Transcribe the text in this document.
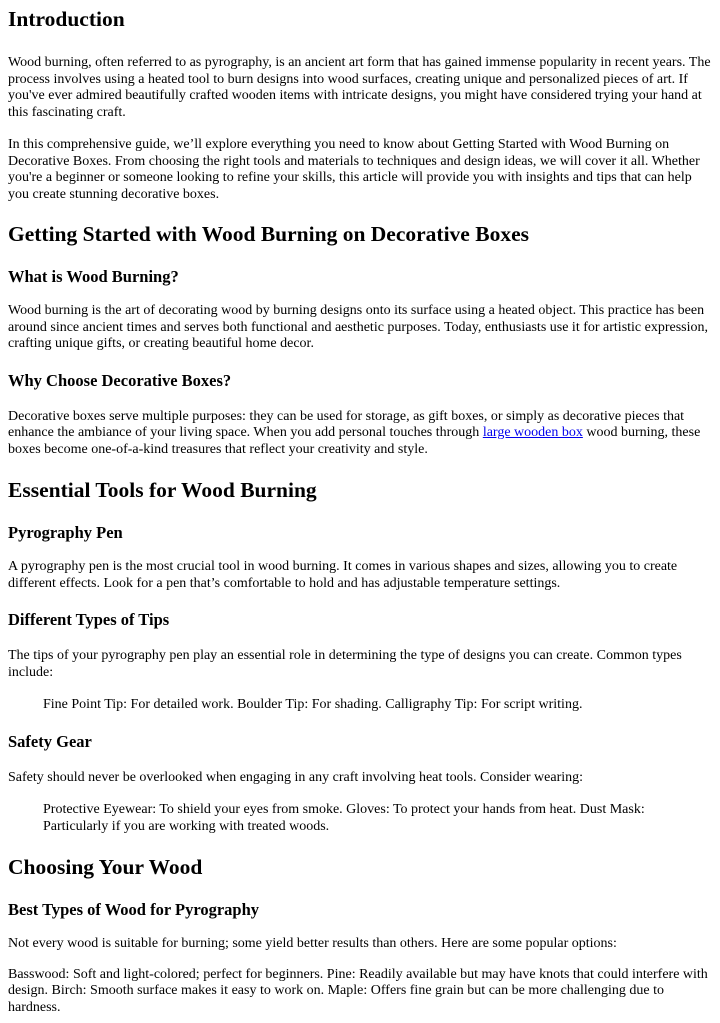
Introduction

Wood burning, often referred to as pyrography, is an ancient art form that has gained immense popularity in recent years. The process involves using a heated tool to burn designs into wood surfaces, creating unique and personalized pieces of art. If you've ever admired beautifully crafted wooden items with intricate designs, you might have considered trying your hand at this fascinating craft.

In this comprehensive guide, we’ll explore everything you need to know about Getting Started with Wood Burning on Decorative Boxes. From choosing the right tools and materials to techniques and design ideas, we will cover it all. Whether you're a beginner or someone looking to refine your skills, this article will provide you with insights and tips that can help you create stunning decorative boxes.

Getting Started with Wood Burning on Decorative Boxes
What is Wood Burning?

Wood burning is the art of decorating wood by burning designs onto its surface using a heated object. This practice has been around since ancient times and serves both functional and aesthetic purposes. Today, enthusiasts use it for artistic expression, crafting unique gifts, or creating beautiful home decor.

Why Choose Decorative Boxes?

Decorative boxes serve multiple purposes: they can be used for storage, as gift boxes, or simply as decorative pieces that enhance the ambiance of your living space. When you add personal touches through large wooden box wood burning, these boxes become one-of-a-kind treasures that reflect your creativity and style.

Essential Tools for Wood Burning
Pyrography Pen

A pyrography pen is the most crucial tool in wood burning. It comes in various shapes and sizes, allowing you to create different effects. Look for a pen that’s comfortable to hold and has adjustable temperature settings.

Different Types of Tips

The tips of your pyrography pen play an essential role in determining the type of designs you can create. Common types include:

Fine Point Tip: For detailed work. Boulder Tip: For shading. Calligraphy Tip: For script writing.

Safety Gear

Safety should never be overlooked when engaging in any craft involving heat tools. Consider wearing:

Protective Eyewear: To shield your eyes from smoke. Gloves: To protect your hands from heat. Dust Mask: Particularly if you are working with treated woods.

Choosing Your Wood
Best Types of Wood for Pyrography

Not every wood is suitable for burning; some yield better results than others. Here are some popular options:

Basswood: Soft and light-colored; perfect for beginners. Pine: Readily available but may have knots that could interfere with design. Birch: Smooth surface makes it easy to work on. Maple: Offers fine grain but can be more challenging due to hardness.
